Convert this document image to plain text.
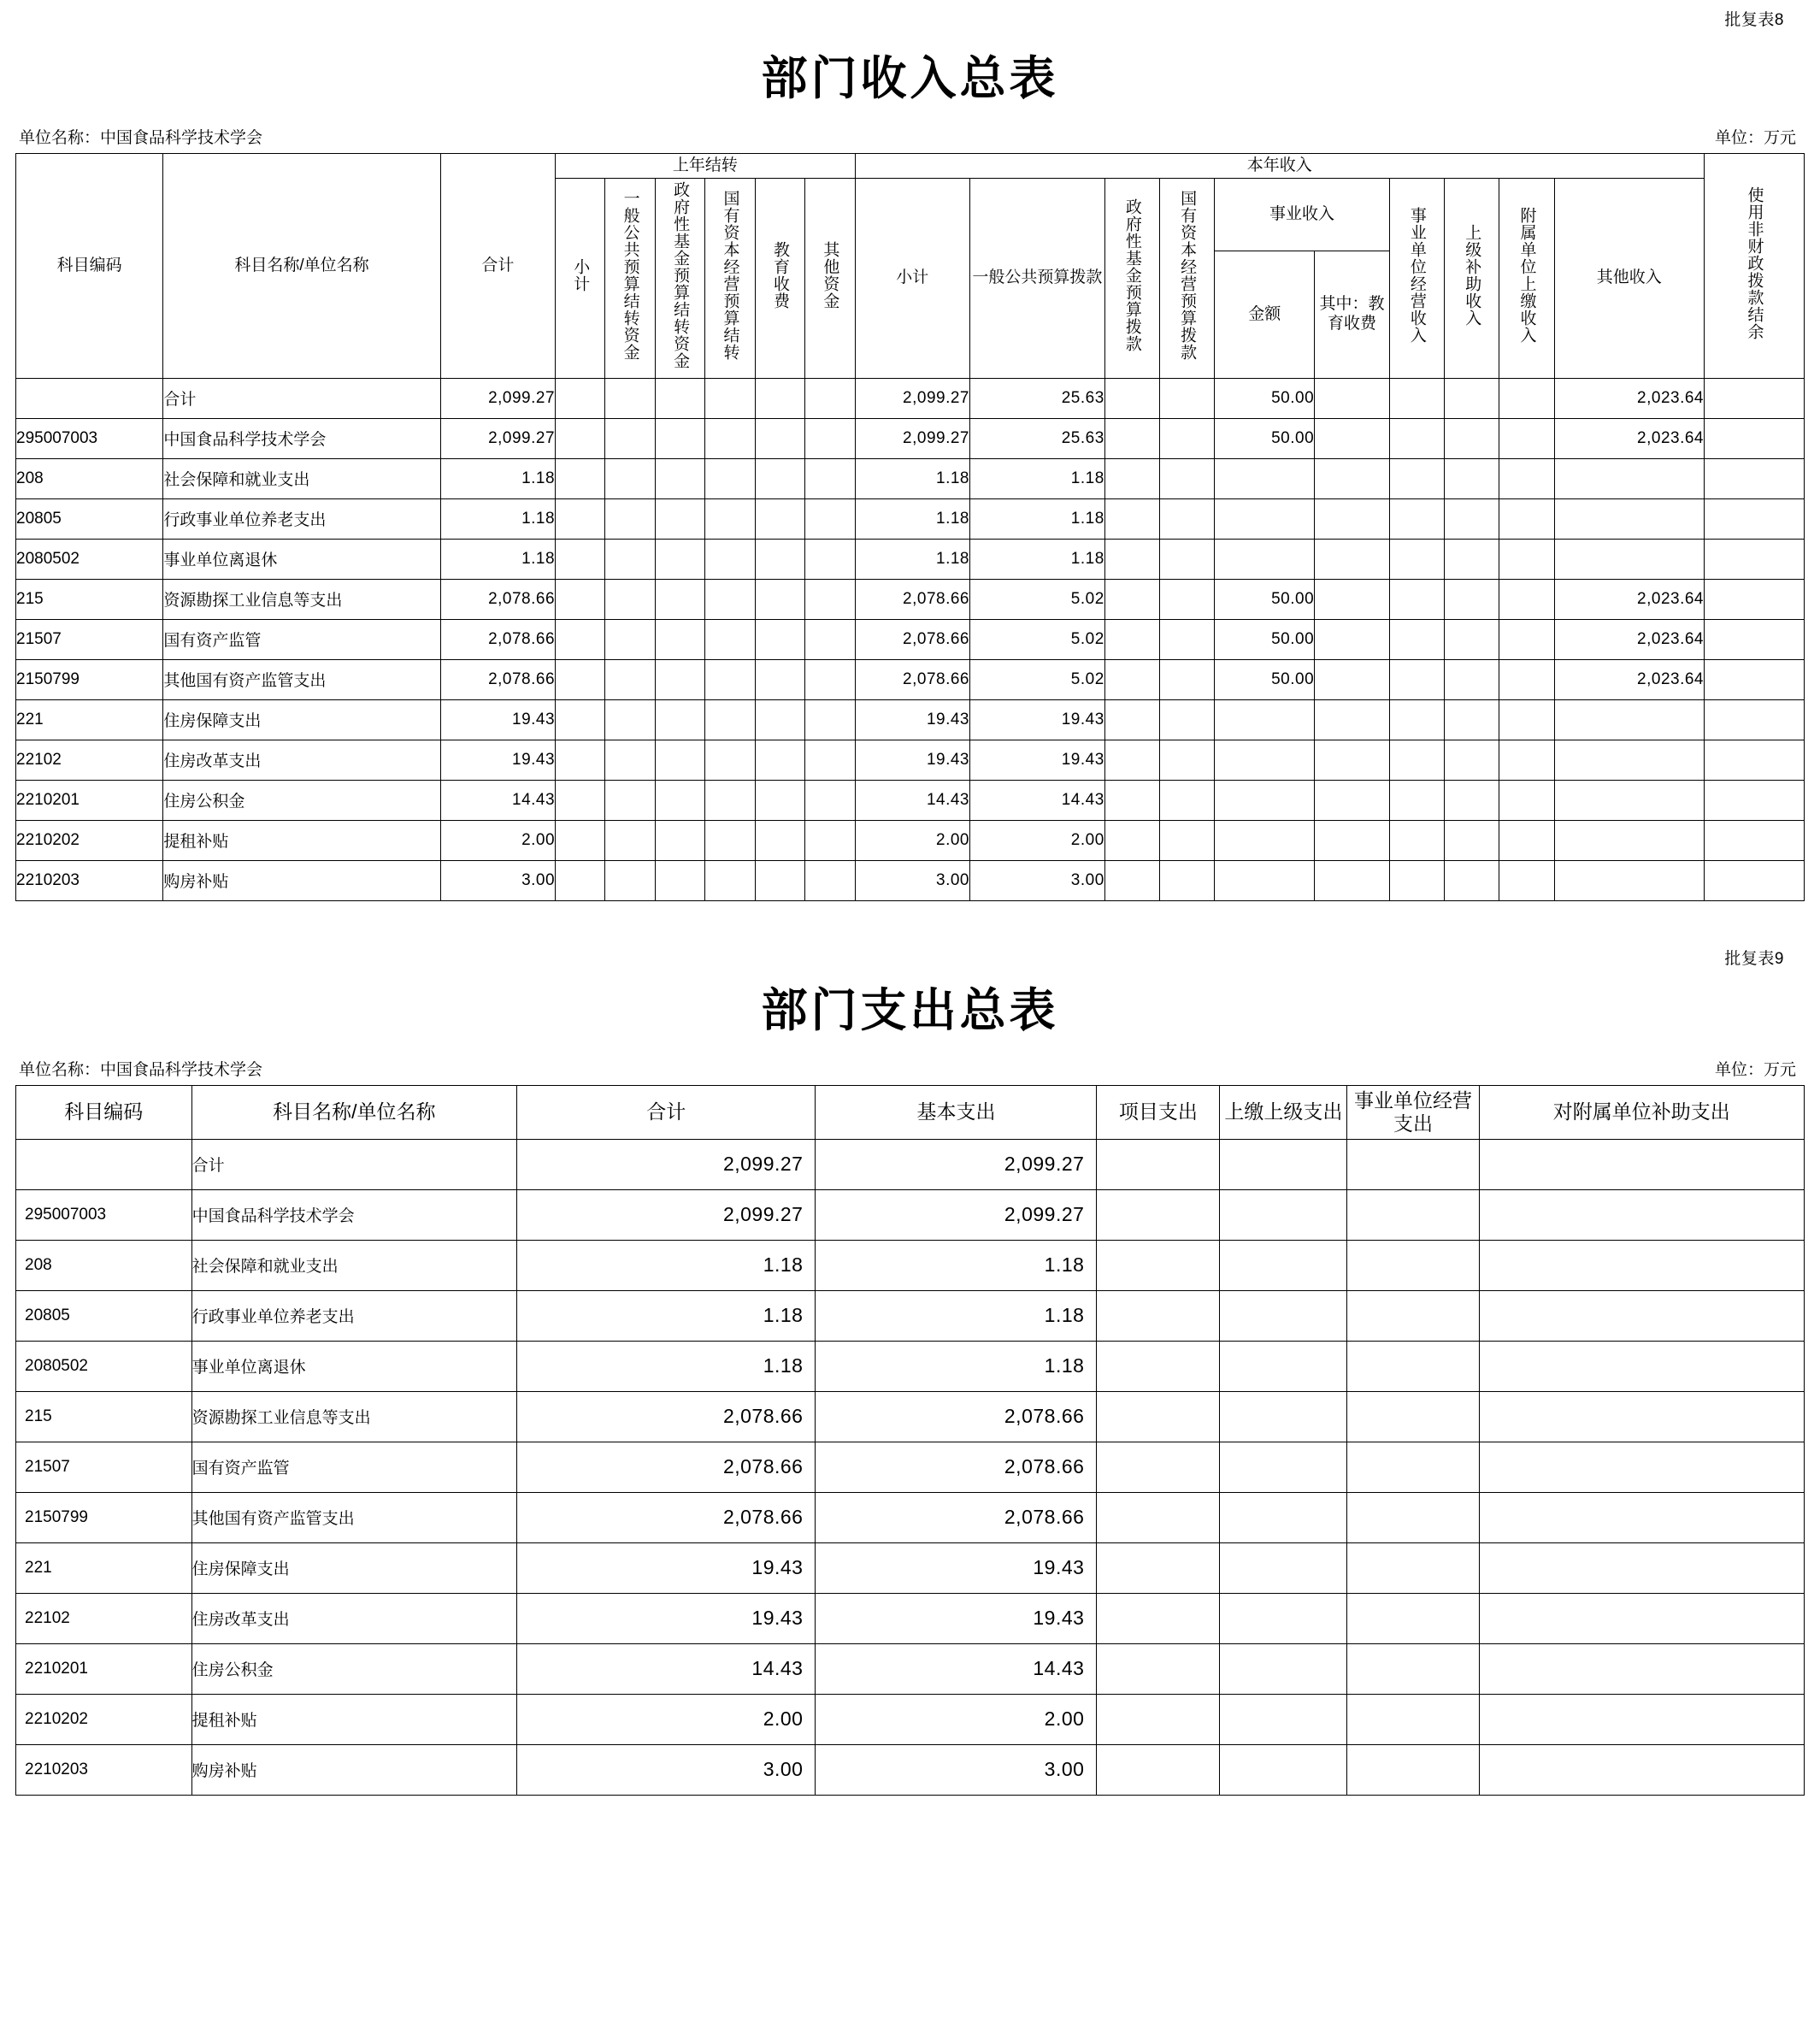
批复表8
部门收入总表
单位名称：中国食品科学技术学会	单位：万元
科目编码	科目名称/单位名称	合计	上年结转						本年收入										使用非财政拨款结余
			小计	一般公共预算结转资金	政府性基金预算结转资金	国有资本经营预算结转	教育收费	其他资金	小计	一般公共预算拨款	政府性基金预算拨款	国有资本经营预算拨款	事业收入		事业单位经营收入	上级补助收入	附属单位上缴收入	其他收入	
													金额	其中：教育收费					
	合计	2,099.27							2,099.27	25.63			50.00					2,023.64	
295007003	中国食品科学技术学会	2,099.27							2,099.27	25.63			50.00					2,023.64	
208	社会保障和就业支出	1.18							1.18	1.18									
20805	行政事业单位养老支出	1.18							1.18	1.18									
2080502	事业单位离退休	1.18							1.18	1.18									
215	资源勘探工业信息等支出	2,078.66							2,078.66	5.02			50.00					2,023.64	
21507	国有资产监管	2,078.66							2,078.66	5.02			50.00					2,023.64	
2150799	其他国有资产监管支出	2,078.66							2,078.66	5.02			50.00					2,023.64	
221	住房保障支出	19.43							19.43	19.43									
22102	住房改革支出	19.43							19.43	19.43									
2210201	住房公积金	14.43							14.43	14.43									
2210202	提租补贴	2.00							2.00	2.00									
2210203	购房补贴	3.00							3.00	3.00									
批复表9
部门支出总表
单位名称：中国食品科学技术学会	单位：万元
科目编码	科目名称/单位名称	合计	基本支出	项目支出	上缴上级支出	事业单位经营支出	对附属单位补助支出
	合计	2,099.27	2,099.27				
295007003	中国食品科学技术学会	2,099.27	2,099.27				
208	社会保障和就业支出	1.18	1.18				
20805	行政事业单位养老支出	1.18	1.18				
2080502	事业单位离退休	1.18	1.18				
215	资源勘探工业信息等支出	2,078.66	2,078.66				
21507	国有资产监管	2,078.66	2,078.66				
2150799	其他国有资产监管支出	2,078.66	2,078.66				
221	住房保障支出	19.43	19.43				
22102	住房改革支出	19.43	19.43				
2210201	住房公积金	14.43	14.43				
2210202	提租补贴	2.00	2.00				
2210203	购房补贴	3.00	3.00				
